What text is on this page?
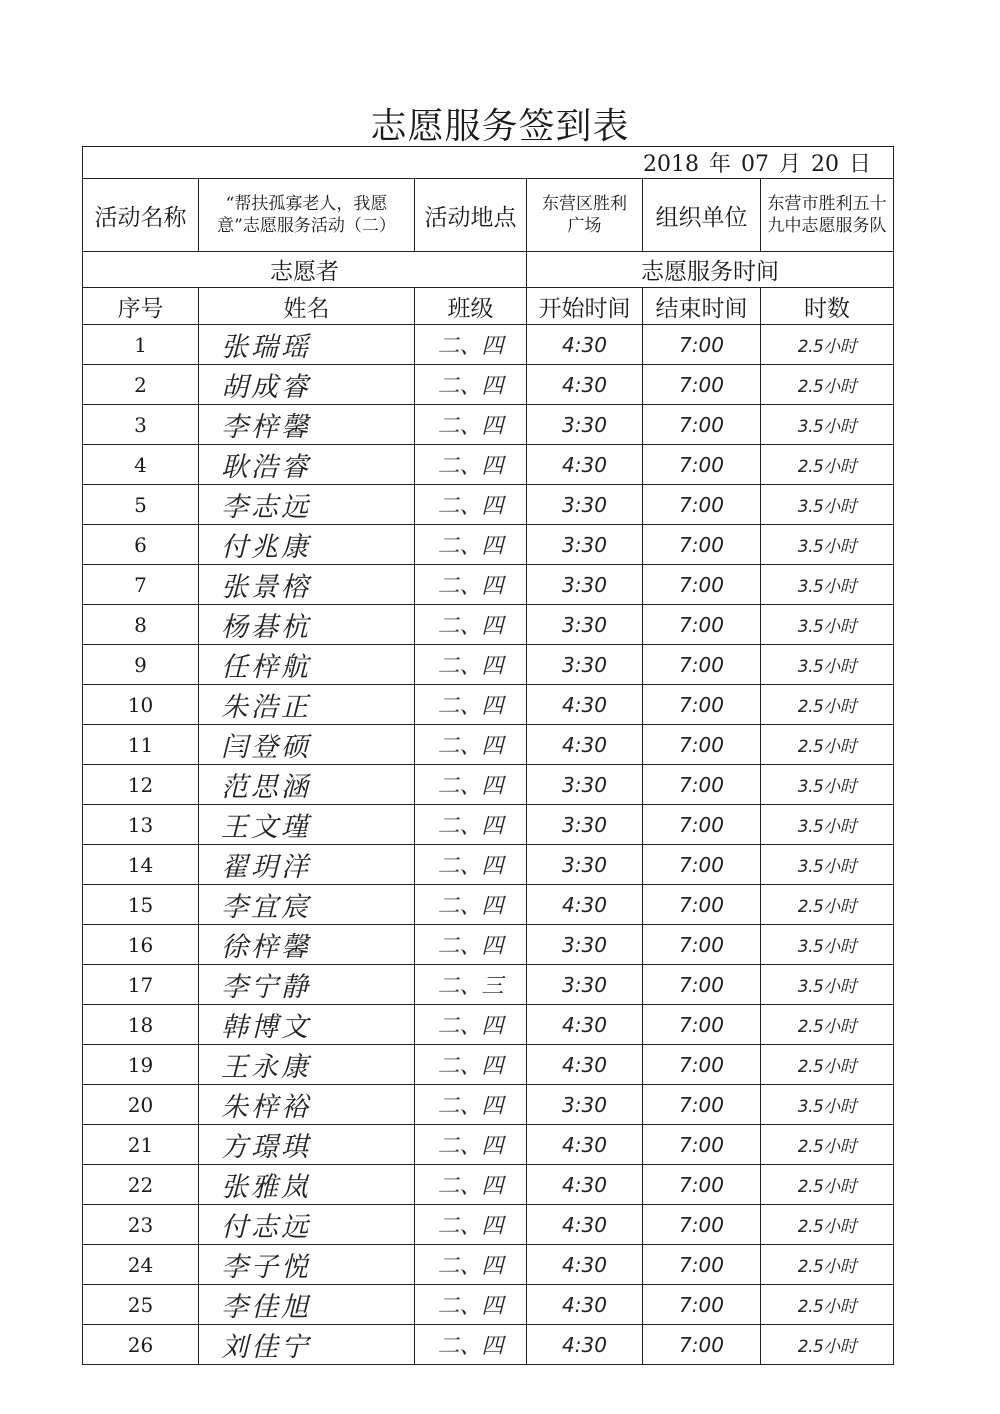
志愿服务签到表
2018 年 07 月 20 日					
活动名称	“帮扶孤寡老人，我愿意”志愿服务活动（二）	活动地点	东营区胜利广场	组织单位	东营市胜利五十九中志愿服务队
志愿者			志愿服务时间		
序号	姓名	班级	开始时间	结束时间	时数
1	张瑞瑶	二、四	4:30	7:00	2.5小时
2	胡成睿	二、四	4:30	7:00	2.5小时
3	李梓馨	二、四	3:30	7:00	3.5小时
4	耿浩睿	二、四	4:30	7:00	2.5小时
5	李志远	二、四	3:30	7:00	3.5小时
6	付兆康	二、四	3:30	7:00	3.5小时
7	张景榕	二、四	3:30	7:00	3.5小时
8	杨碁杭	二、四	3:30	7:00	3.5小时
9	任梓航	二、四	3:30	7:00	3.5小时
10	朱浩正	二、四	4:30	7:00	2.5小时
11	闫登硕	二、四	4:30	7:00	2.5小时
12	范思涵	二、四	3:30	7:00	3.5小时
13	王文瑾	二、四	3:30	7:00	3.5小时
14	翟玥洋	二、四	3:30	7:00	3.5小时
15	李宜宸	二、四	4:30	7:00	2.5小时
16	徐梓馨	二、四	3:30	7:00	3.5小时
17	李宁静	二、三	3:30	7:00	3.5小时
18	韩博文	二、四	4:30	7:00	2.5小时
19	王永康	二、四	4:30	7:00	2.5小时
20	朱梓裕	二、四	3:30	7:00	3.5小时
21	方璟琪	二、四	4:30	7:00	2.5小时
22	张雅岚	二、四	4:30	7:00	2.5小时
23	付志远	二、四	4:30	7:00	2.5小时
24	李子悦	二、四	4:30	7:00	2.5小时
25	李佳旭	二、四	4:30	7:00	2.5小时
26	刘佳宁	二、四	4:30	7:00	2.5小时
